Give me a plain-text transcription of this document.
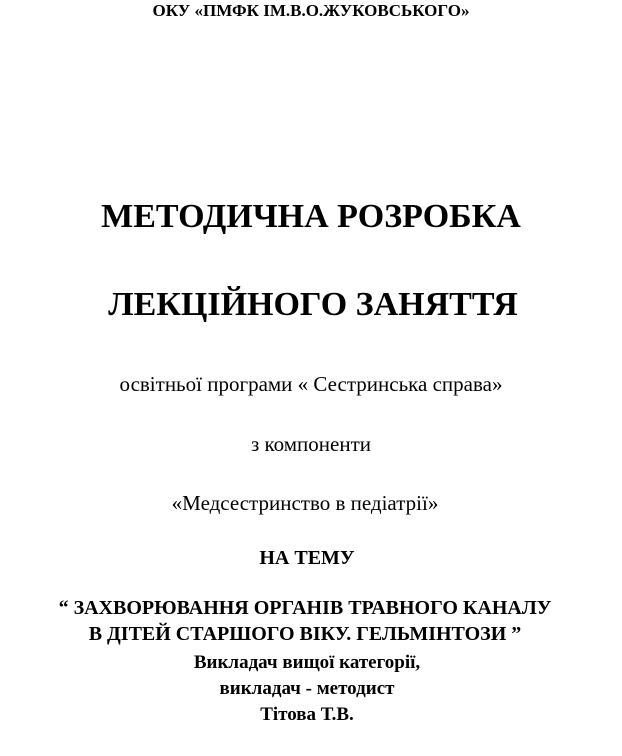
ОКУ «ПМФК ІМ.В.О.ЖУКОВСЬКОГО»
МЕТОДИЧНА РОЗРОБКА
ЛЕКЦІЙНОГО ЗАНЯТТЯ
освітньої програми « Сестринська справа»
з компоненти
«Медсестринство в педіатрії»
НА ТЕМУ
“ ЗАХВОРЮВАННЯ ОРГАНІВ ТРАВНОГО КАНАЛУ
В ДІТЕЙ СТАРШОГО ВІКУ. ГЕЛЬМІНТОЗИ ”
Викладач вищої категорії,
викладач - методист
Тітова Т.В.
